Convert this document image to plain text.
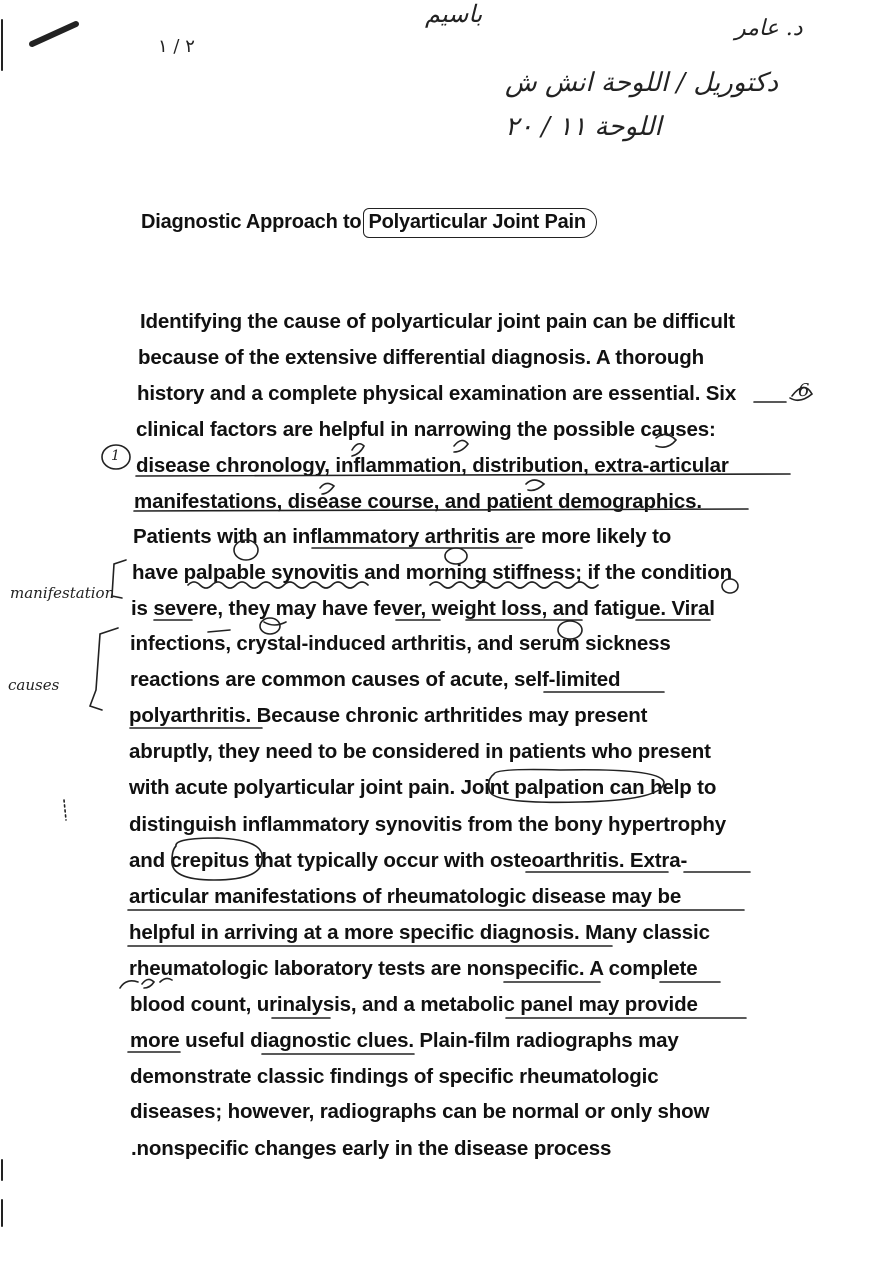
باسيم
د. عامر
دكتوريل / اللوحة انش ش
اللوحة ١١ / ٢٠
٢ / ١
Diagnostic Approach to Polyarticular Joint Pain
Identifying the cause of polyarticular joint pain can be difficult
because of the extensive differential diagnosis. A thorough
history and a complete physical examination are essential. Six
clinical factors are helpful in narrowing the possible causes:
disease chronology, inflammation, distribution, extra-articular
manifestations, disease course, and patient demographics.
Patients with an inflammatory arthritis are more likely to
have palpable synovitis and morning stiffness; if the condition
is severe, they may have fever, weight loss, and fatigue. Viral
infections, crystal-induced arthritis, and serum sickness
reactions are common causes of acute, self-limited
polyarthritis. Because chronic arthritides may present
abruptly, they need to be considered in patients who present
with acute polyarticular joint pain. Joint palpation can help to
distinguish inflammatory synovitis from the bony hypertrophy
and crepitus that typically occur with osteoarthritis. Extra-
articular manifestations of rheumatologic disease may be
helpful in arriving at a more specific diagnosis. Many classic
rheumatologic laboratory tests are nonspecific. A complete
blood count, urinalysis, and a metabolic panel may provide
more useful diagnostic clues. Plain-film radiographs may
demonstrate classic findings of specific rheumatologic
diseases; however, radiographs can be normal or only show
.nonspecific changes early in the disease process
manifestation
causes
1
6
